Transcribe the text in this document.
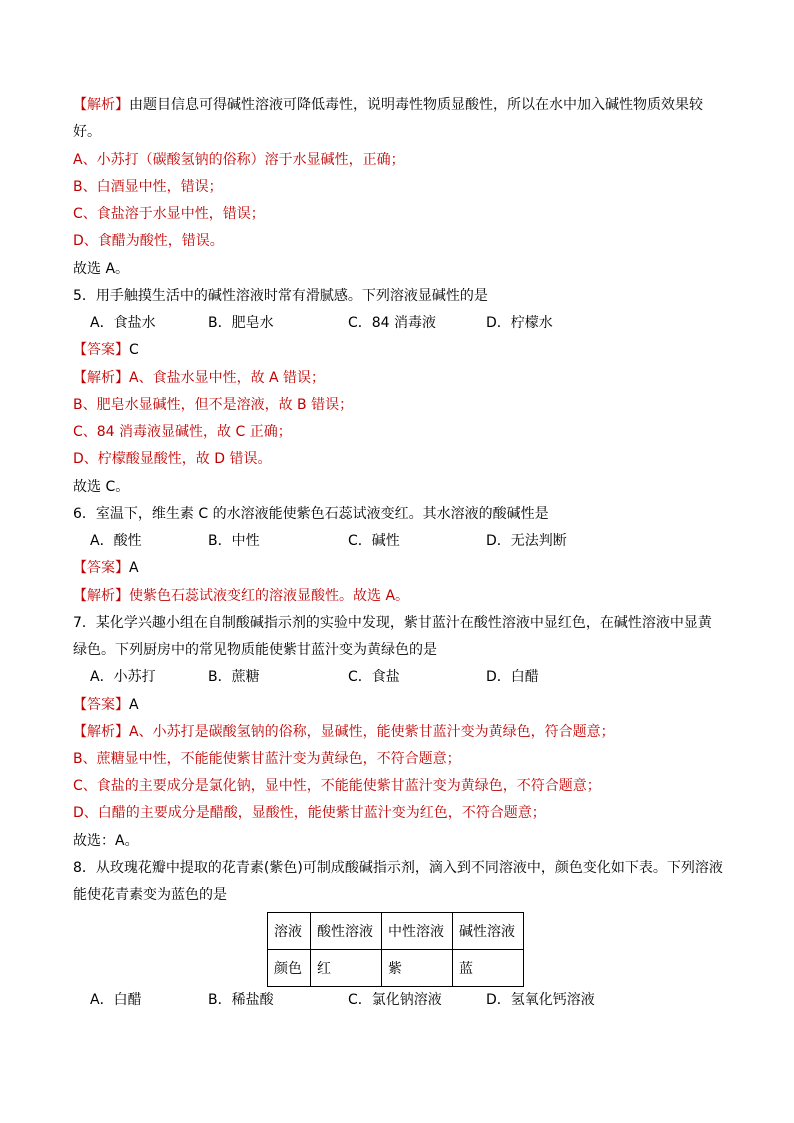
【解析】由题目信息可得碱性溶液可降低毒性，说明毒性物质显酸性，所以在水中加入碱性物质效果较
好。
A、小苏打（碳酸氢钠的俗称）溶于水显碱性，正确；
B、白酒显中性，错误；
C、食盐溶于水显中性，错误；
D、食醋为酸性，错误。
故选 A。
5．用手触摸生活中的碱性溶液时常有滑腻感。下列溶液显碱性的是
A．食盐水	B．肥皂水	C．84 消毒液	D．柠檬水
【答案】C
【解析】A、食盐水显中性，故 A 错误；
B、肥皂水显碱性，但不是溶液，故 B 错误；
C、84 消毒液显碱性，故 C 正确；
D、柠檬酸显酸性，故 D 错误。
故选 C。
6．室温下，维生素 C 的水溶液能使紫色石蕊试液变红。其水溶液的酸碱性是
A．酸性	B．中性	C．碱性	D．无法判断
【答案】A
【解析】使紫色石蕊试液变红的溶液显酸性。故选 A。
7．某化学兴趣小组在自制酸碱指示剂的实验中发现，紫甘蓝汁在酸性溶液中显红色，在碱性溶液中显黄
绿色。下列厨房中的常见物质能使紫甘蓝汁变为黄绿色的是
A．小苏打	B．蔗糖	C．食盐	D．白醋
【答案】A
【解析】A、小苏打是碳酸氢钠的俗称，显碱性，能使紫甘蓝汁变为黄绿色，符合题意；
B、蔗糖显中性，不能能使紫甘蓝汁变为黄绿色，不符合题意；
C、食盐的主要成分是氯化钠，显中性，不能能使紫甘蓝汁变为黄绿色，不符合题意；
D、白醋的主要成分是醋酸，显酸性，能使紫甘蓝汁变为红色，不符合题意；
故选：A。
8．从玫瑰花瓣中提取的花青素(紫色)可制成酸碱指示剂，滴入到不同溶液中，颜色变化如下表。下列溶液
能使花青素变为蓝色的是
溶液	酸性溶液	中性溶液	碱性溶液
颜色	红	紫	蓝
A．白醋	B．稀盐酸	C．氯化钠溶液	D．氢氧化钙溶液
